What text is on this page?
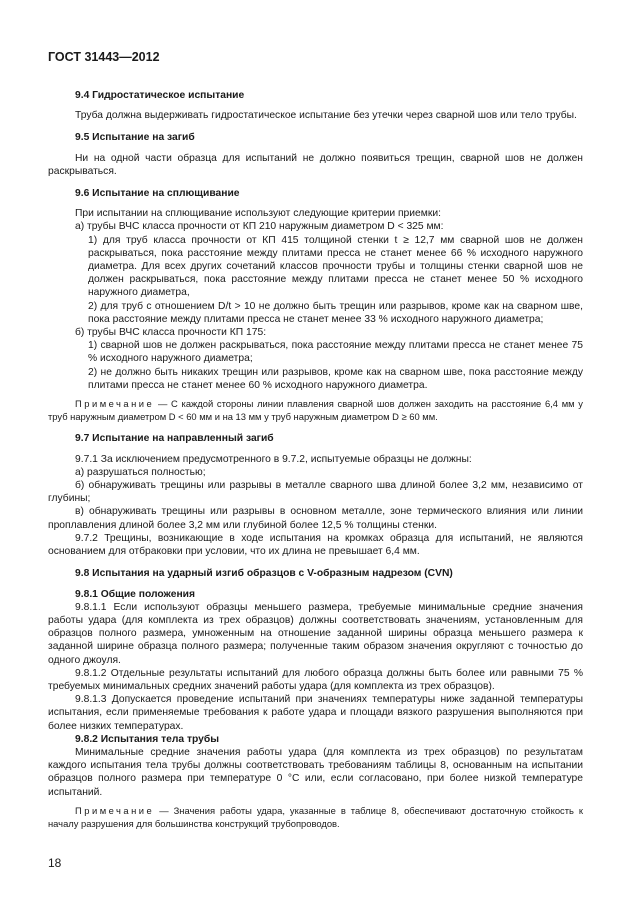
ГОСТ 31443—2012

9.4 Гидростатическое испытание

Труба должна выдерживать гидростатическое испытание без утечки через сварной шов или тело трубы.

9.5 Испытание на загиб

Ни на одной части образца для испытаний не должно появиться трещин, сварной шов не должен раскрываться.

9.6 Испытание на сплющивание

При испытании на сплющивание используют следующие критерии приемки:

а) трубы ВЧС класса прочности от КП 210 наружным диаметром D < 325 мм:

1) для труб класса прочности от КП 415 толщиной стенки t ≥ 12,7 мм сварной шов не должен раскрываться, пока расстояние между плитами пресса не станет менее 66 % исходного наружного диаметра. Для всех других сочетаний классов прочности трубы и толщины стенки сварной шов не должен раскрываться, пока расстояние между плитами пресса не станет менее 50 % исходного наружного диаметра,

2) для труб с отношением D/t > 10 не должно быть трещин или разрывов, кроме как на сварном шве, пока расстояние между плитами пресса не станет менее 33 % исходного наружного диаметра;

б) трубы ВЧС класса прочности КП 175:

1) сварной шов не должен раскрываться, пока расстояние между плитами пресса не станет менее 75 % исходного наружного диаметра;

2) не должно быть никаких трещин или разрывов, кроме как на сварном шве, пока расстояние между плитами пресса не станет менее 60 % исходного наружного диаметра.

Примечание — С каждой стороны линии плавления сварной шов должен заходить на расстояние 6,4 мм у труб наружным диаметром D < 60 мм и на 13 мм у труб наружным диаметром D ≥ 60 мм.

9.7 Испытание на направленный загиб

9.7.1 За исключением предусмотренного в 9.7.2, испытуемые образцы не должны:

а) разрушаться полностью;

б) обнаруживать трещины или разрывы в металле сварного шва длиной более 3,2 мм, независимо от глубины;

в) обнаруживать трещины или разрывы в основном металле, зоне термического влияния или линии проплавления длиной более 3,2 мм или глубиной более 12,5 % толщины стенки.

9.7.2 Трещины, возникающие в ходе испытания на кромках образца для испытаний, не являются основанием для отбраковки при условии, что их длина не превышает 6,4 мм.

9.8 Испытания на ударный изгиб образцов с V-образным надрезом (CVN)

9.8.1 Общие положения

9.8.1.1 Если используют образцы меньшего размера, требуемые минимальные средние значения работы удара (для комплекта из трех образцов) должны соответствовать значениям, установленным для образцов полного размера, умноженным на отношение заданной ширины образца меньшего размера к заданной ширине образца полного размера; полученные таким образом значения округляют с точностью до одного джоуля.

9.8.1.2 Отдельные результаты испытаний для любого образца должны быть более или равными 75 % требуемых минимальных средних значений работы удара (для комплекта из трех образцов).

9.8.1.3 Допускается проведение испытаний при значениях температуры ниже заданной температуры испытания, если применяемые требования к работе удара и площади вязкого разрушения выполняются при более низких температурах.

9.8.2 Испытания тела трубы

Минимальные средние значения работы удара (для комплекта из трех образцов) по результатам каждого испытания тела трубы должны соответствовать требованиям таблицы 8, основанным на испытании образцов полного размера при температуре 0 °C или, если согласовано, при более низкой температуре испытаний.

Примечание — Значения работы удара, указанные в таблице 8, обеспечивают достаточную стойкость к началу разрушения для большинства конструкций трубопроводов.

18
